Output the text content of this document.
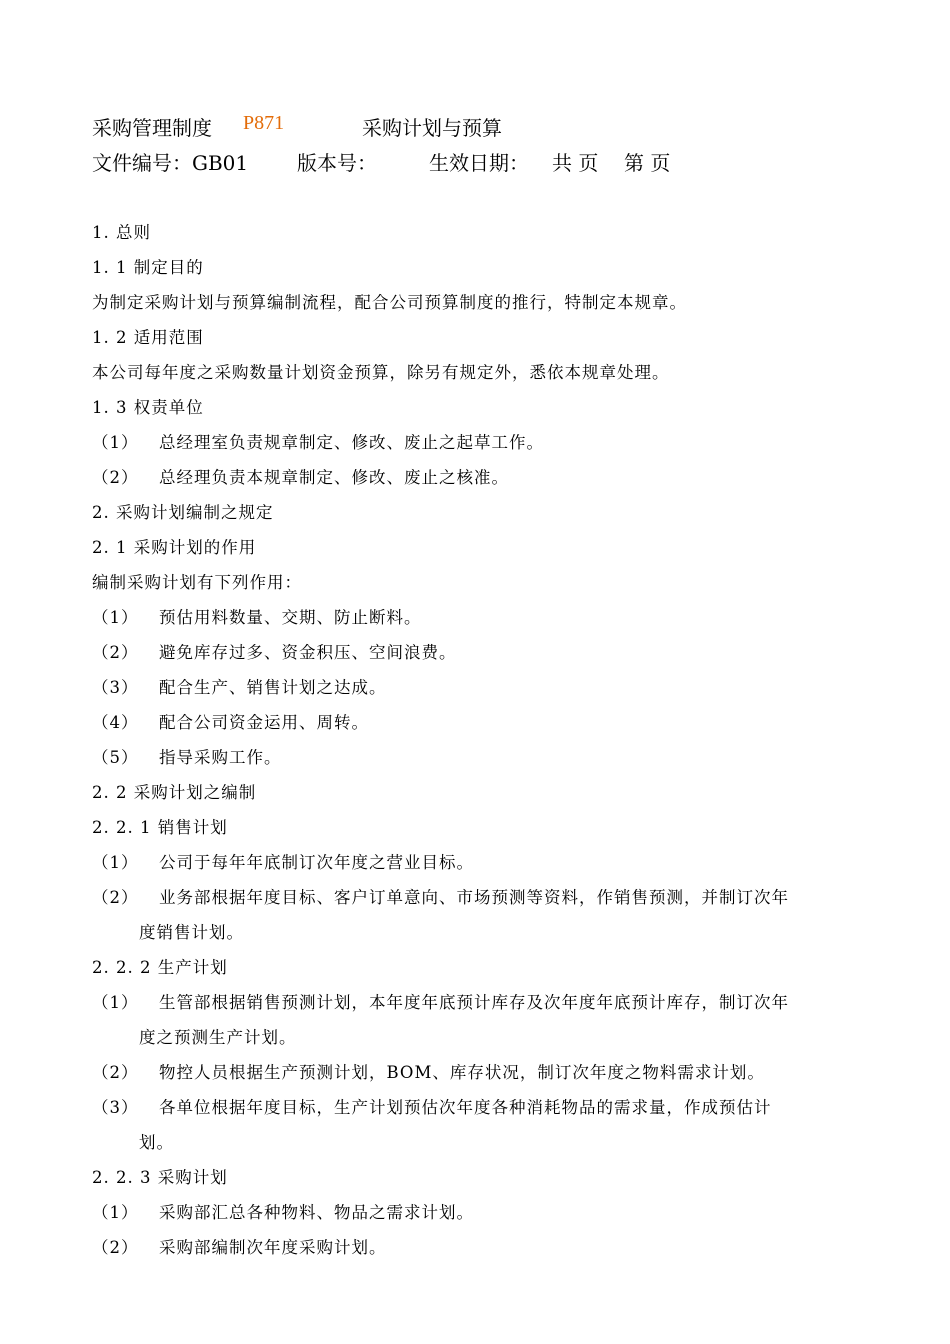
采购管理制度 P871	采购计划与预算
文件编号：GB01 版本号：	生效日期： 共 页 第 页
1. 总则
1. 1 制定目的
为制定采购计划与预算编制流程，配合公司预算制度的推行，特制定本规章。
1. 2 适用范围
本公司每年度之采购数量计划资金预算，除另有规定外，悉依本规章处理。
1. 3 权责单位
（1） 总经理室负责规章制定、修改、废止之起草工作。
（2） 总经理负责本规章制定、修改、废止之核准。
2. 采购计划编制之规定
2. 1 采购计划的作用
编制采购计划有下列作用：
（1） 预估用料数量、交期、防止断料。
（2） 避免库存过多、资金积压、空间浪费。
（3） 配合生产、销售计划之达成。
（4） 配合公司资金运用、周转。
（5） 指导采购工作。
2. 2 采购计划之编制
2. 2. 1 销售计划
（1） 公司于每年年底制订次年度之营业目标。
（2） 业务部根据年度目标、客户订单意向、市场预测等资料，作销售预测，并制订次年
度销售计划。
2. 2. 2 生产计划
（1） 生管部根据销售预测计划，本年度年底预计库存及次年度年底预计库存，制订次年
度之预测生产计划。
（2） 物控人员根据生产预测计划，BOM、库存状况，制订次年度之物料需求计划。
（3） 各单位根据年度目标，生产计划预估次年度各种消耗物品的需求量，作成预估计
划。
2. 2. 3 采购计划
（1） 采购部汇总各种物料、物品之需求计划。
（2） 采购部编制次年度采购计划。
